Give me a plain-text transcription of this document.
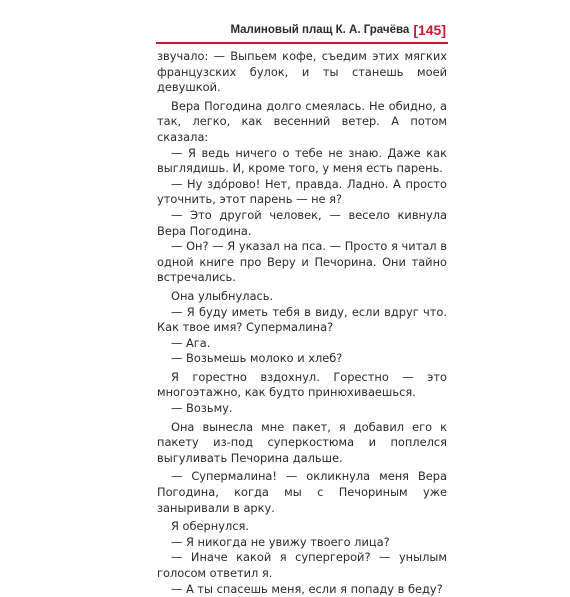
Малиновый плащ К. А. Грачёва [145]

звучало: — Выпьем кофе, съедим этих мягких французских булок, и ты станешь моей девушкой.

Вера Погодина долго смеялась. Не обидно, а так, легко, как весенний ветер. А потом сказала:

— Я ведь ничего о тебе не знаю. Даже как выглядишь. И, кроме того, у меня есть парень.

— Ну здо́рово! Нет, правда. Ладно. А просто уточнить, этот парень — не я?

— Это другой человек, — весело кивнула Вера Погодина.

— Он? — Я указал на пса. — Просто я читал в одной книге про Веру и Печорина. Они тайно встречались.

Она улыбнулась.

— Я буду иметь тебя в виду, если вдруг что. Как твое имя? Супермалина?

— Ага.

— Возьмешь молоко и хлеб?

Я горестно вздохнул. Горестно — это многоэтажно, как будто принюхиваешься.

— Возьму.

Она вынесла мне пакет, я добавил его к пакету из-под суперкостюма и поплелся выгуливать Печорина дальше.

— Супермалина! — окликнула меня Вера Погодина, когда мы с Печориным уже заныривали в арку.

Я обернулся.

— Я никогда не увижу твоего лица?

— Иначе какой я супергерой? — унылым голосом ответил я.

— А ты спасешь меня, если я попаду в беду?
